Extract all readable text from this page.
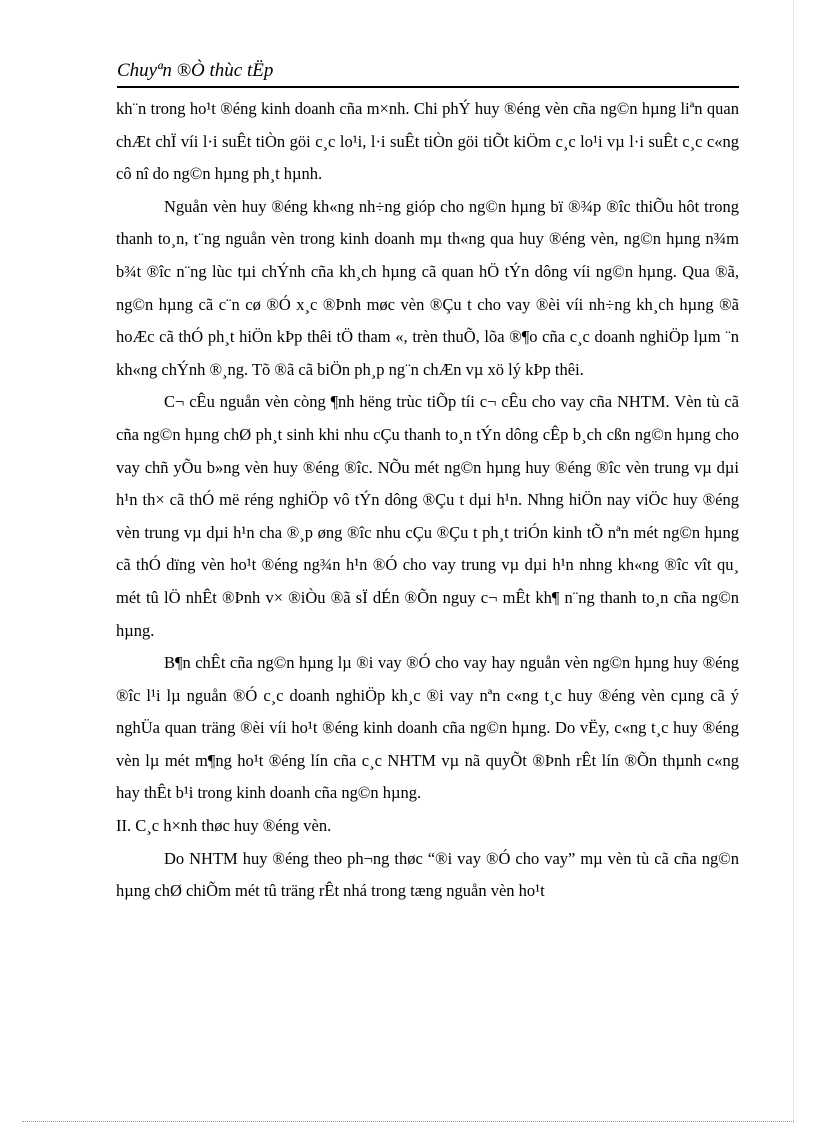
Chuyªn ®Ò thùc tËp

kh¨n trong ho¹t ®éng kinh doanh cña m×nh. Chi phÝ huy ®éng vèn cña ng©n hµng liªn quan chÆt chÏ víi l·i suÊt tiÒn göi c¸c lo¹i, l·i suÊt tiÒn göi tiÕt kiÖm c¸c lo¹i vµ l·i suÊt c¸c c«ng cô nî do ng©n hµng ph¸t hµnh.

Nguån vèn huy ®éng kh«ng nh÷ng gióp cho ng©n hµng bï ®¾p ®îc thiÕu hôt trong thanh to¸n, t¨ng nguån vèn trong kinh doanh mµ th«ng qua huy ®éng vèn, ng©n hµng n¾m b¾t ®îc n¨ng lùc tµi chÝnh cña kh¸ch hµng cã quan hÖ tÝn dông víi ng©n hµng. Qua ®ã, ng©n hµng cã c¨n cø ®Ó x¸c ®Þnh møc vèn ®Çu t cho vay ®èi víi nh÷ng kh¸ch hµng ®ã hoÆc cã thÓ ph¸t hiÖn kÞp thêi tÖ tham «, trèn thuÕ, lõa ®¶o cña c¸c doanh nghiÖp lµm ¨n kh«ng chÝnh ®¸ng. Tõ ®ã cã biÖn ph¸p ng¨n chÆn vµ xö lý kÞp thêi.

C¬ cÊu nguån vèn còng ¶nh hëng trùc tiÕp tíi c¬ cÊu cho vay cña NHTM. Vèn tù cã cña ng©n hµng chØ ph¸t sinh khi nhu cÇu thanh to¸n tÝn dông cÊp b¸ch cßn ng©n hµng cho vay chñ yÕu b»ng vèn huy ®éng ®îc. NÕu mét ng©n hµng huy ®éng ®îc vèn trung vµ dµi h¹n th× cã thÓ më réng nghiÖp vô tÝn dông ®Çu t dµi h¹n. Nhng hiÖn nay viÖc huy ®éng vèn trung vµ dµi h¹n cha ®¸p øng ®îc nhu cÇu ®Çu t ph¸t triÓn kinh tÕ nªn mét ng©n hµng cã thÓ dïng vèn ho¹t ®éng ng¾n h¹n ®Ó cho vay trung vµ dµi h¹n nhng kh«ng ®îc vît qu¸ mét tû lÖ nhÊt ®Þnh v× ®iÒu ®ã sÏ dÉn ®Õn nguy c¬ mÊt kh¶ n¨ng thanh to¸n cña ng©n hµng.

B¶n chÊt cña ng©n hµng lµ ®i vay ®Ó cho vay hay nguån vèn ng©n hµng huy ®éng ®îc l¹i lµ nguån ®Ó c¸c doanh nghiÖp kh¸c ®i vay nªn c«ng t¸c huy ®éng vèn cµng cã ý nghÜa quan träng ®èi víi ho¹t ®éng kinh doanh cña ng©n hµng. Do vËy, c«ng t¸c huy ®éng vèn lµ mét m¶ng ho¹t ®éng lín cña c¸c NHTM vµ nã quyÕt ®Þnh rÊt lín ®Õn thµnh c«ng hay thÊt b¹i trong kinh doanh cña ng©n hµng.

II. C¸c h×nh thøc huy ®éng vèn.

Do NHTM huy ®éng theo ph¬ng thøc “®i vay ®Ó cho vay” mµ vèn tù cã cña ng©n hµng chØ chiÕm mét tû träng rÊt nhá trong tæng nguån vèn ho¹t
